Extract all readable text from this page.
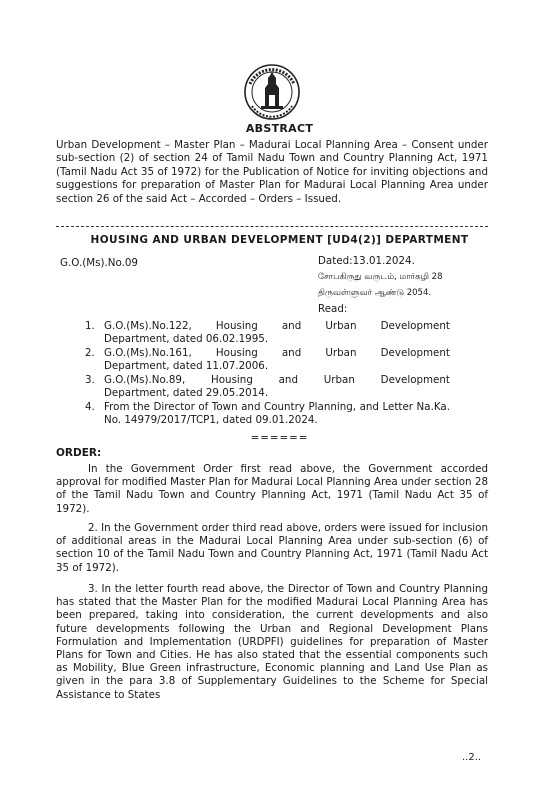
ABSTRACT
Urban Development – Master Plan – Madurai Local Planning Area – Consent under sub-section (2) of section 24 of Tamil Nadu Town and Country Planning Act, 1971 (Tamil Nadu Act 35 of 1972) for the Publication of Notice for inviting objections and suggestions for preparation of Master Plan for Madurai Local Planning Area under section 26 of the said Act – Accorded – Orders – Issued.
HOUSING AND URBAN DEVELOPMENT [UD4(2)] DEPARTMENT
G.O.(Ms).No.09	Dated:13.01.2024.
சோபகிருது வருடம், மார்கழி 28
திருவள்ளுவர் ஆண்டு 2054.
Read:
1. G.O.(Ms).No.122, Housing and Urban Development
Department, dated 06.02.1995.
2. G.O.(Ms).No.161, Housing and Urban Development
Department, dated 11.07.2006.
3. G.O.(Ms).No.89,	Housing	and	Urban	Development
Department, dated 29.05.2014.
4. From the Director of Town and Country Planning, and Letter Na.Ka. No. 14979/2017/TCP1, dated 09.01.2024.
======
ORDER:
In the Government Order first read above, the Government accorded approval for modified Master Plan for Madurai Local Planning Area under section 28 of the Tamil Nadu Town and Country Planning Act, 1971 (Tamil Nadu Act 35 of 1972).
2. In the Government order third read above, orders were issued for inclusion of additional areas in the Madurai Local Planning Area under sub-section (6) of section 10 of the Tamil Nadu Town and Country Planning Act, 1971 (Tamil Nadu Act 35 of 1972).
3. In the letter fourth read above, the Director of Town and Country Planning has stated that the Master Plan for the modified Madurai Local Planning Area has been prepared, taking into consideration, the current developments and also future developments following the Urban and Regional Development Plans Formulation and Implementation (URDPFI) guidelines for preparation of Master Plans for Town and Cities. He has also stated that the essential components such as Mobility, Blue Green infrastructure, Economic planning and Land Use Plan as given in the para 3.8 of Supplementary Guidelines to the Scheme for Special Assistance to States
..2..
